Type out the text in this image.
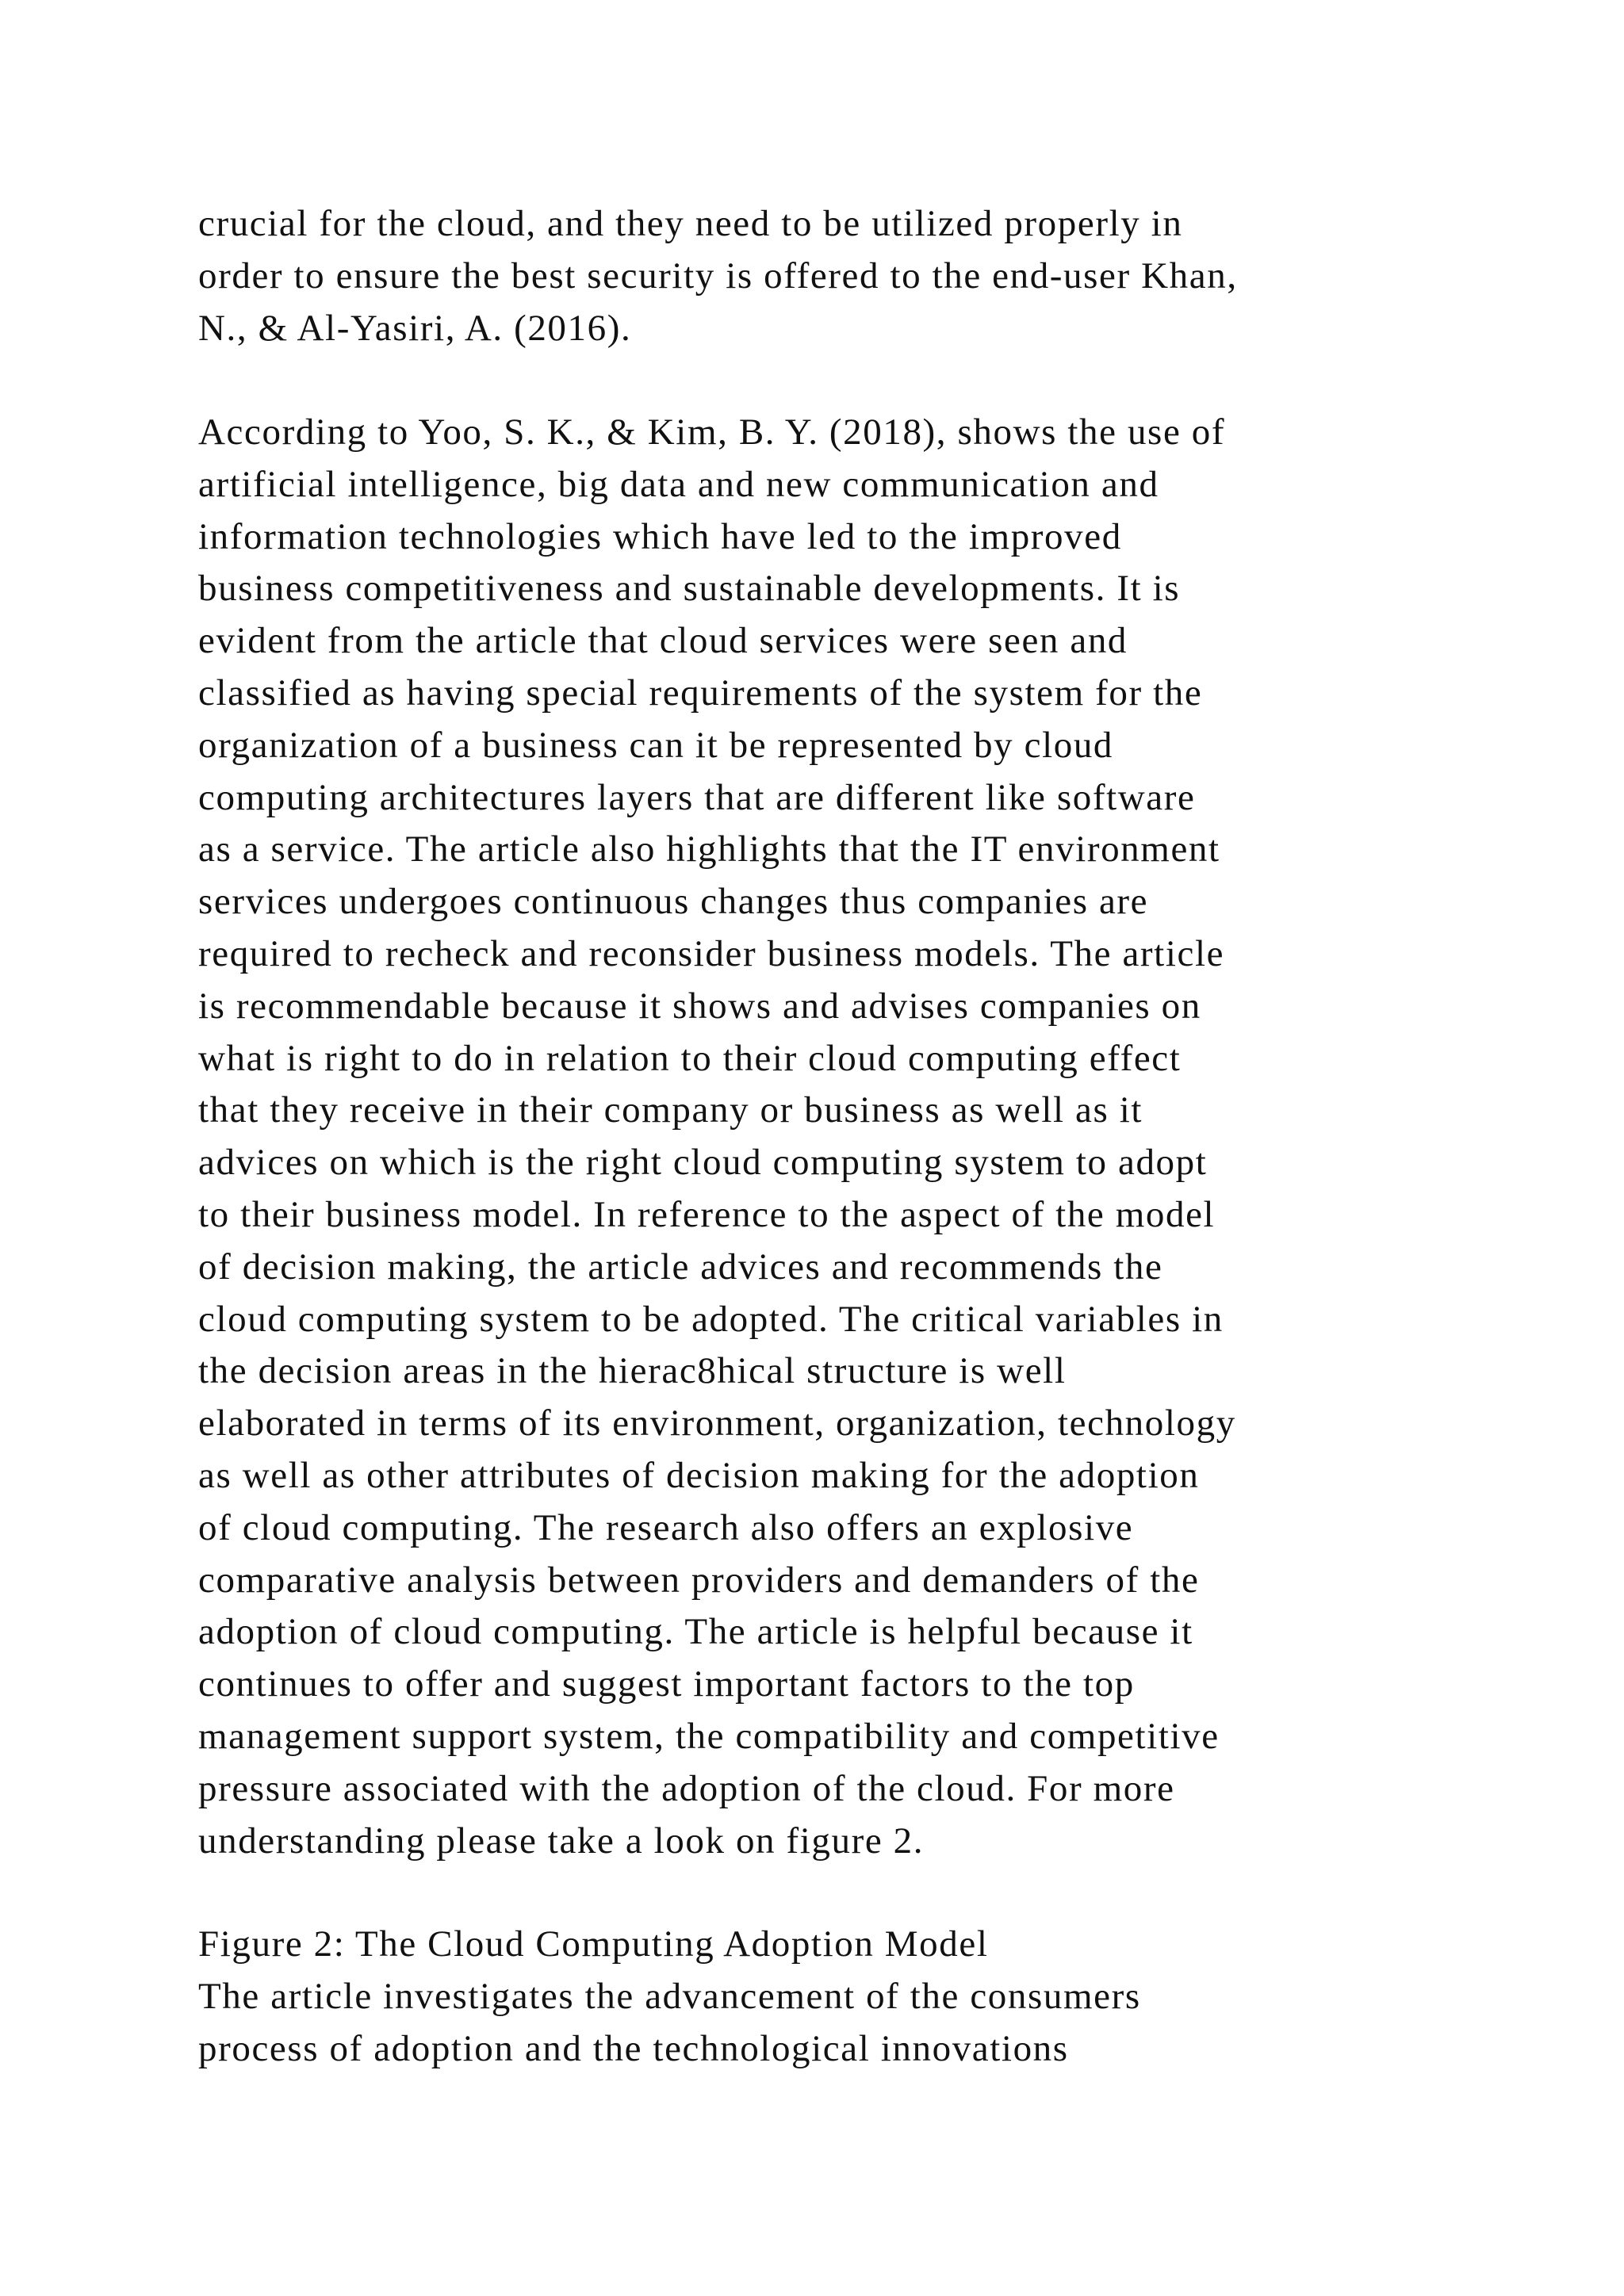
crucial for the cloud, and they need to be utilized properly in
order to ensure the best security is offered to the end-user Khan,
N., & Al-Yasiri, A. (2016).
According to Yoo, S. K., & Kim, B. Y. (2018), shows the use of
artificial intelligence, big data and new communication and
information technologies which have led to the improved
business competitiveness and sustainable developments. It is
evident from the article that cloud services were seen and
classified as having special requirements of the system for the
organization of a business can it be represented by cloud
computing architectures layers that are different like software
as a service. The article also highlights that the IT environment
services undergoes continuous changes thus companies are
required to recheck and reconsider business models. The article
is recommendable because it shows and advises companies on
what is right to do in relation to their cloud computing effect
that they receive in their company or business as well as it
advices on which is the right cloud computing system to adopt
to their business model. In reference to the aspect of the model
of decision making, the article advices and recommends the
cloud computing system to be adopted. The critical variables in
the decision areas in the hierac8hical structure is well
elaborated in terms of its environment, organization, technology
as well as other attributes of decision making for the adoption
of cloud computing. The research also offers an explosive
comparative analysis between providers and demanders of the
adoption of cloud computing. The article is helpful because it
continues to offer and suggest important factors to the top
management support system, the compatibility and competitive
pressure associated with the adoption of the cloud. For more
understanding please take a look on figure 2.
Figure 2: The Cloud Computing Adoption Model
The article investigates the advancement of the consumers
process of adoption and the technological innovations
